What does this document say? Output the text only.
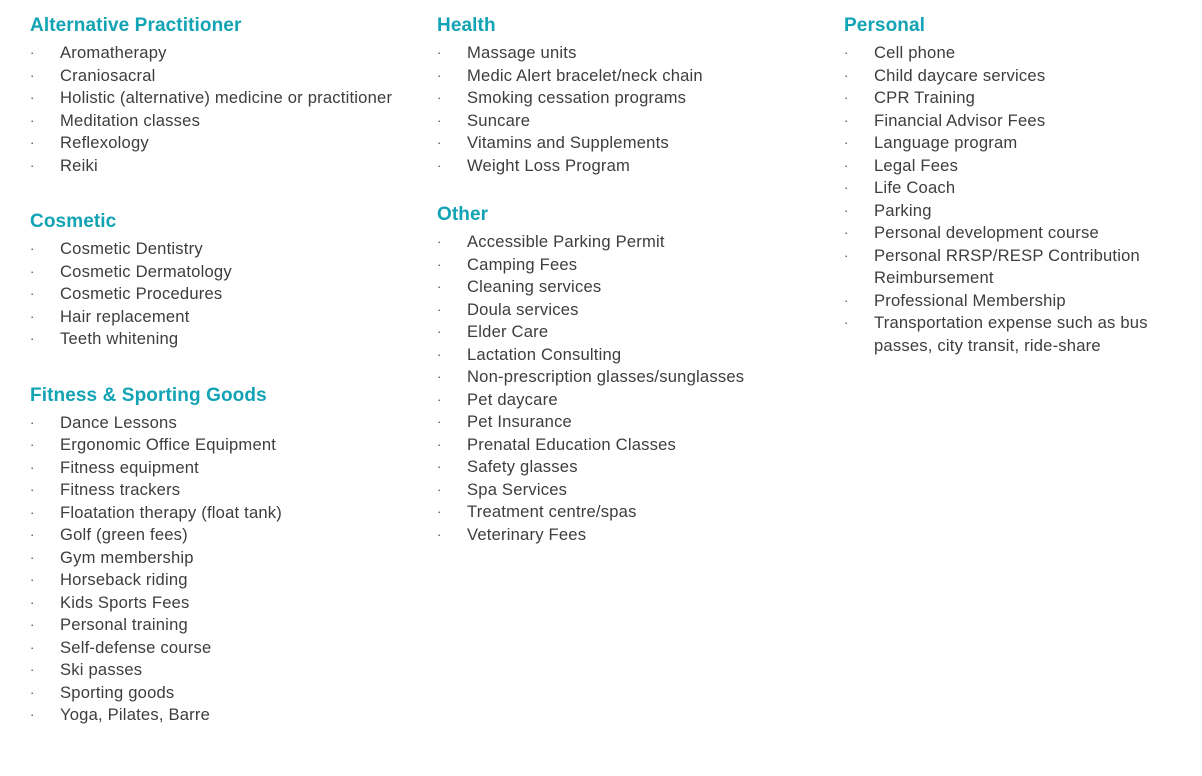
Alternative Practitioner
·	Aromatherapy
·	Craniosacral
·	Holistic (alternative) medicine or practitioner
·	Meditation classes
·	Reflexology
·	Reiki
Cosmetic
·	Cosmetic Dentistry
·	Cosmetic Dermatology
·	Cosmetic Procedures
·	Hair replacement
·	Teeth whitening
Fitness & Sporting Goods
·	Dance Lessons
·	Ergonomic Office Equipment
·	Fitness equipment
·	Fitness trackers
·	Floatation therapy (float tank)
·	Golf (green fees)
·	Gym membership
·	Horseback riding
·	Kids Sports Fees
·	Personal training
·	Self-defense course
·	Ski passes
·	Sporting goods
·	Yoga, Pilates, Barre
Health
·	Massage units
·	Medic Alert bracelet/neck chain
·	Smoking cessation programs
·	Suncare
·	Vitamins and Supplements
·	Weight Loss Program
Other
·	Accessible Parking Permit
·	Camping Fees
·	Cleaning services
·	Doula services
·	Elder Care
·	Lactation Consulting
·	Non-prescription glasses/sunglasses
·	Pet daycare
·	Pet Insurance
·	Prenatal Education Classes
·	Safety glasses
·	Spa Services
·	Treatment centre/spas
·	Veterinary Fees
Personal
·	Cell phone
·	Child daycare services
·	CPR Training
·	Financial Advisor Fees
·	Language program
·	Legal Fees
·	Life Coach
·	Parking
·	Personal development course
·	Personal RRSP/RESP Contribution Reimbursement
·	Professional Membership
·	Transportation expense such as bus passes, city transit, ride-share
